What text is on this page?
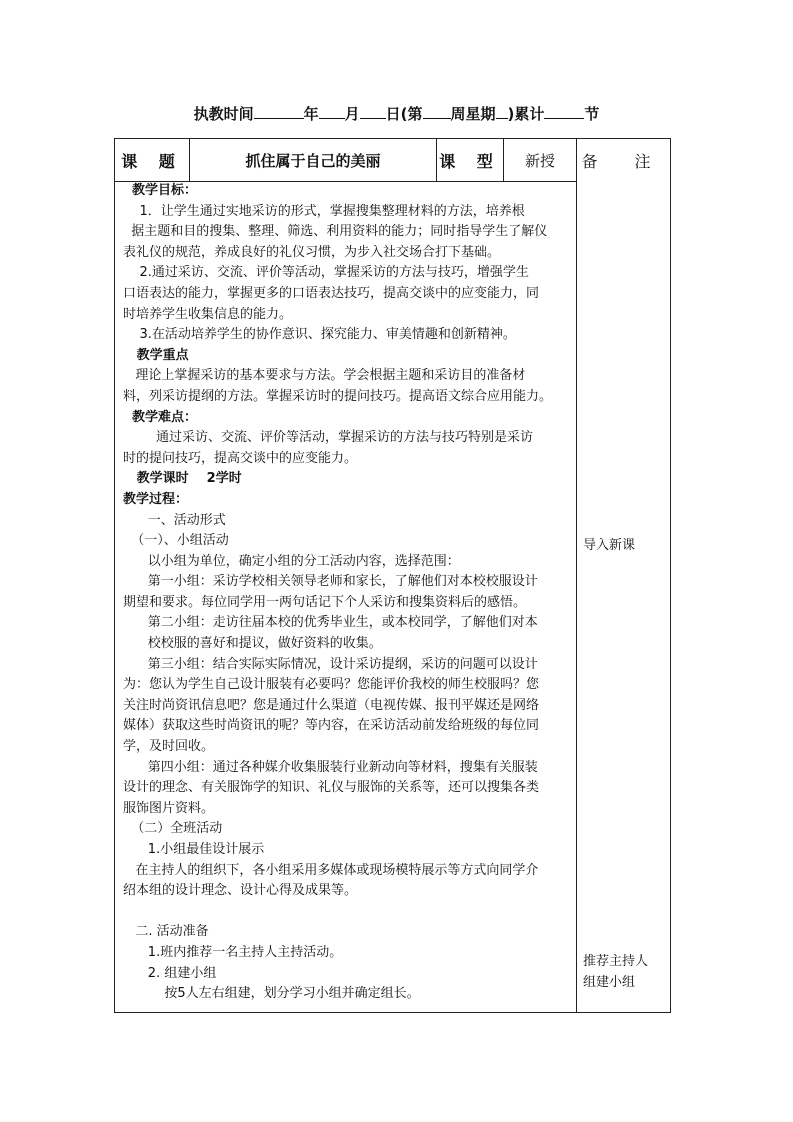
执教时间	年 月 日(第 周星期 )累计	节
课 题	抓住属于自己的美丽	课 型	新授	备 注

教学目标：

1．让学生通过实地采访的形式，掌握搜集整理材料的方法，培养根

据主题和目的搜集、整理、筛选、利用资料的能力；同时指导学生了解仪

表礼仪的规范，养成良好的礼仪习惯，为步入社交场合打下基础。

2.通过采访、交流、评价等活动，掌握采访的方法与技巧，增强学生

口语表达的能力，掌握更多的口语表达技巧，提高交谈中的应变能力，同

时培养学生收集信息的能力。

3.在活动培养学生的协作意识、探究能力、审美情趣和创新精神。

教学重点

理论上掌握采访的基本要求与方法。学会根据主题和采访目的准备材

料，列采访提纲的方法。掌握采访时的提问技巧。提高语文综合应用能力。

教学难点：

通过采访、交流、评价等活动，掌握采访的方法与技巧特别是采访

时的提问技巧，提高交谈中的应变能力。

教学课时    2学时

教学过程：

一、活动形式

（一）、小组活动

以小组为单位，确定小组的分工活动内容，选择范围：

第一小组：采访学校相关领导老师和家长，了解他们对本校校服设计

期望和要求。每位同学用一两句话记下个人采访和搜集资料后的感悟。

第二小组：走访往届本校的优秀毕业生，或本校同学，了解他们对本

校校服的喜好和提议，做好资料的收集。

第三小组：结合实际实际情况，设计采访提纲，采访的问题可以设计

为：您认为学生自己设计服装有必要吗？您能评价我校的师生校服吗？您

关注时尚资讯信息吧？您是通过什么渠道（电视传媒、报刊平媒还是网络

媒体）获取这些时尚资讯的呢？等内容，在采访活动前发给班级的每位同

学，及时回收。

第四小组：通过各种媒介收集服装行业新动向等材料，搜集有关服装

设计的理念、有关服饰学的知识、礼仪与服饰的关系等，还可以搜集各类

服饰图片资料。

（二）全班活动

1.小组最佳设计展示

在主持人的组织下，各小组采用多媒体或现场模特展示等方式向同学介

绍本组的设计理念、设计心得及成果等。

二. 活动准备

1.班内推荐一名主持人主持活动。

2. 组建小组

按5人左右组建，划分学习小组并确定组长。

导入新课
推荐主持人
组建小组
